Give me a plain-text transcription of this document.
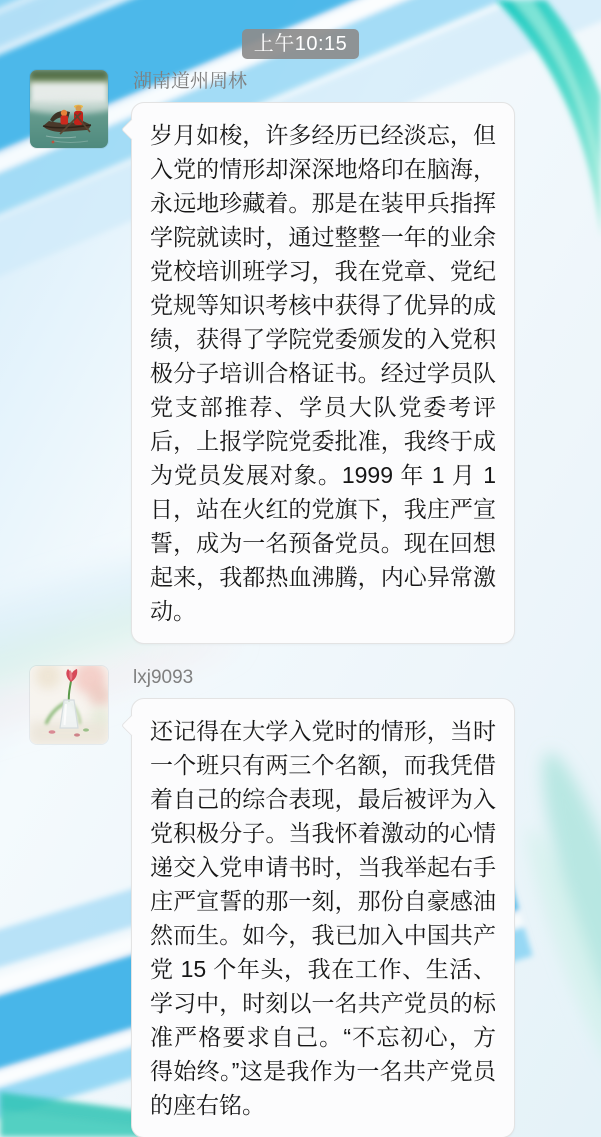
上午10:15
湖南道州周林
岁月如梭，许多经历已经淡忘，但入党的情形却深深地烙印在脑海，永远地珍藏着。那是在装甲兵指挥学院就读时，通过整整一年的业余党校培训班学习，我在党章、党纪党规等知识考核中获得了优异的成绩，获得了学院党委颁发的入党积极分子培训合格证书。经过学员队党支部推荐、学员大队党委考评后，上报学院党委批准，我终于成为党员发展对象。1999 年 1 月 1 日，站在火红的党旗下，我庄严宣誓，成为一名预备党员。现在回想起来，我都热血沸腾，内心异常激动。
lxj9093
还记得在大学入党时的情形，当时一个班只有两三个名额，而我凭借着自己的综合表现，最后被评为入党积极分子。当我怀着激动的心情递交入党申请书时，当我举起右手庄严宣誓的那一刻，那份自豪感油然而生。如今，我已加入中国共产党 15 个年头，我在工作、生活、学习中，时刻以一名共产党员的标准严格要求自己。“不忘初心，方得始终。”这是我作为一名共产党员的座右铭。
